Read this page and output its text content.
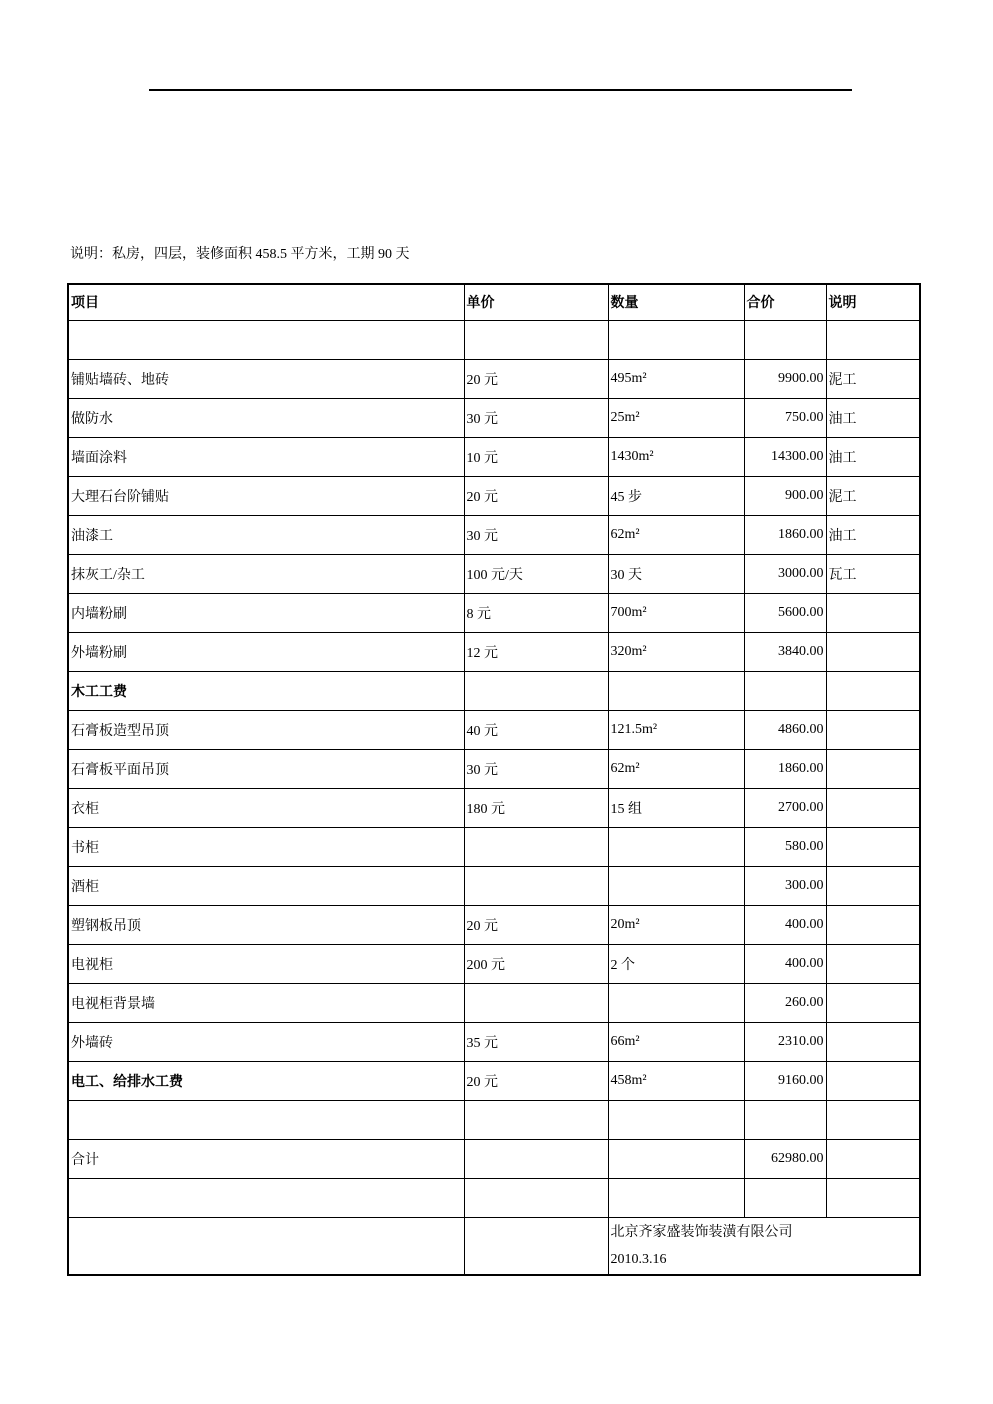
说明：私房，四层，装修面积 458.5 平方米，工期 90 天
项目	单价	数量	合价	说明

铺贴墙砖、地砖	20 元	495m²	9900.00	泥工
做防水	30 元	25m²	750.00	油工
墙面涂料	10 元	1430m²	14300.00	油工
大理石台阶铺贴	20 元	45 步	900.00	泥工
油漆工	30 元	62m²	1860.00	油工
抹灰工/杂工	100 元/天	30 天	3000.00	瓦工
内墙粉刷	8 元	700m²	5600.00	
外墙粉刷	12 元	320m²	3840.00	
木工工费				
石膏板造型吊顶	40 元	121.5m²	4860.00	
石膏板平面吊顶	30 元	62m²	1860.00	
衣柜	180 元	15 组	2700.00	
书柜			580.00	
酒柜			300.00	
塑钢板吊顶	20 元	20m²	400.00	
电视柜	200 元	2 个	400.00	
电视柜背景墙			260.00	
外墙砖	35 元	66m²	2310.00	
电工、给排水工费	20 元	458m²	9160.00	

合计			62980.00	

		北京齐家盛装饰装潢有限公司
2010.3.16		
